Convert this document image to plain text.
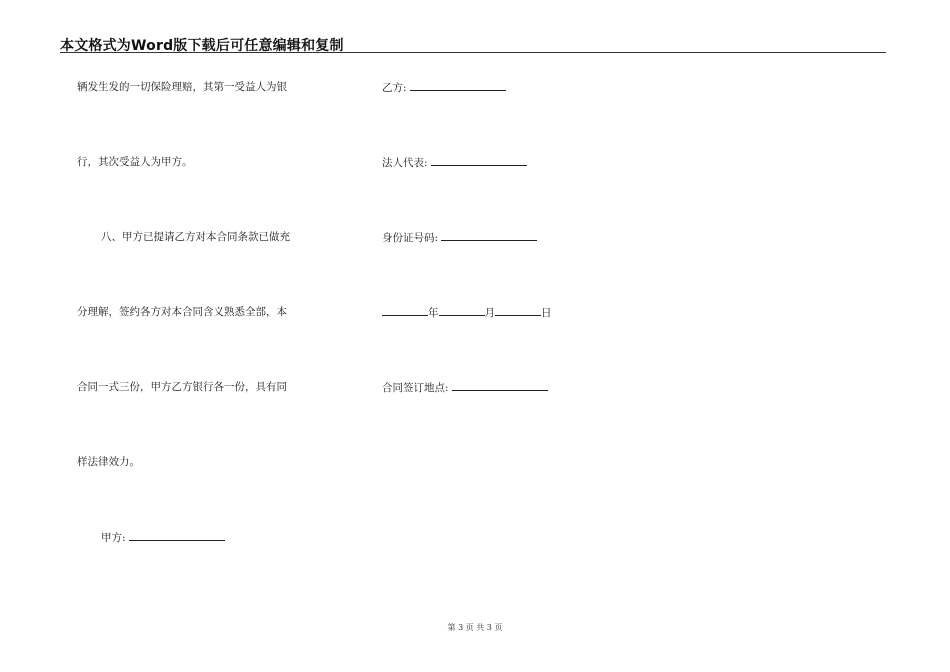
本文格式为Word版下载后可任意编辑和复制
辆发生发的一切保险理赔，其第一受益人为银
行，其次受益人为甲方。
八、甲方已提请乙方对本合同条款已做充
分理解，签约各方对本合同含义熟悉全部，本
合同一式三份，甲方乙方银行各一份，具有同
样法律效力。
甲方:
乙方:
法人代表:
身份证号码:
年	月	日
合同签订地点:
第 3 页 共 3 页
